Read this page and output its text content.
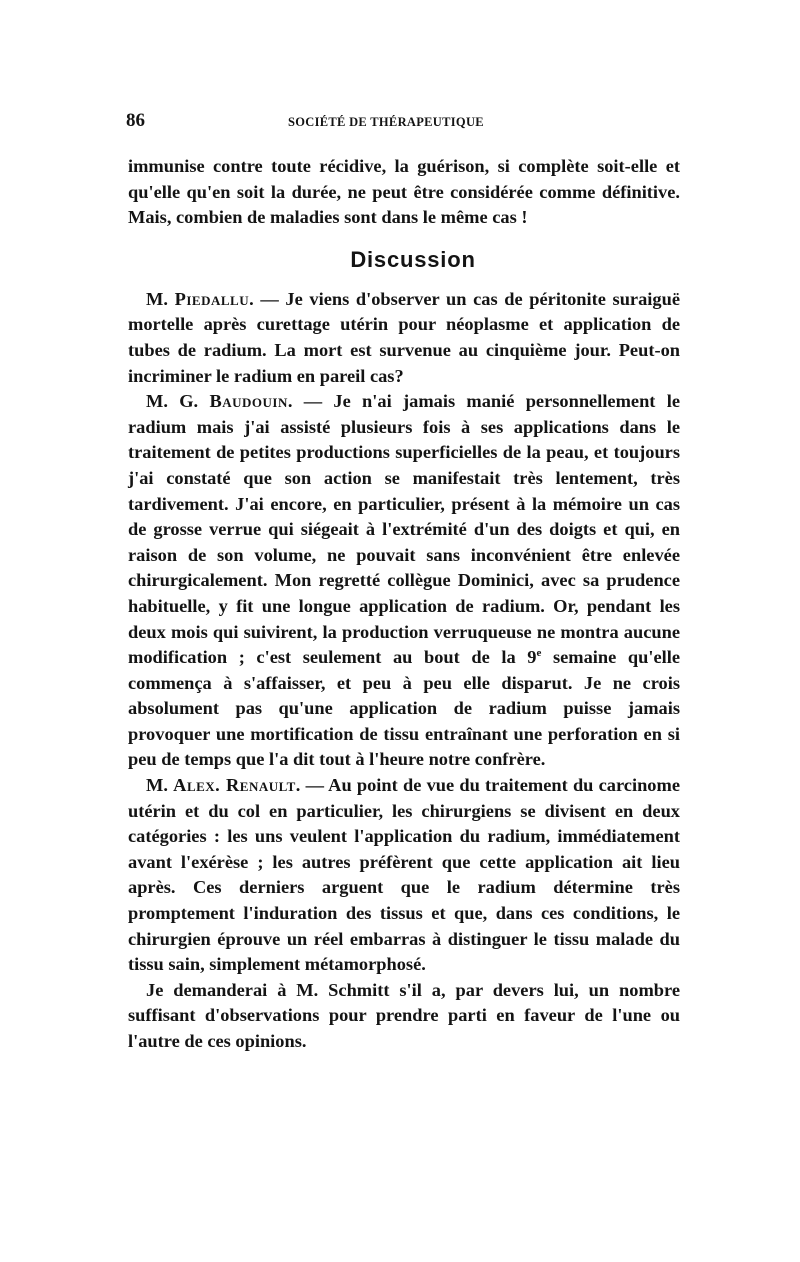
86	SOCIÉTÉ DE THÉRAPEUTIQUE

immunise contre toute récidive, la guérison, si complète soit-elle et qu'elle qu'en soit la durée, ne peut être considérée comme définitive. Mais, combien de maladies sont dans le même cas !

Discussion

M. Piedallu. — Je viens d'observer un cas de péritonite suraiguë mortelle après curettage utérin pour néoplasme et application de tubes de radium. La mort est survenue au cinquième jour. Peut-on incriminer le radium en pareil cas?

M. G. Baudouin. — Je n'ai jamais manié personnellement le radium mais j'ai assisté plusieurs fois à ses applications dans le traitement de petites productions superficielles de la peau, et toujours j'ai constaté que son action se manifestait très lentement, très tardivement. J'ai encore, en particulier, présent à la mémoire un cas de grosse verrue qui siégeait à l'extrémité d'un des doigts et qui, en raison de son volume, ne pouvait sans inconvénient être enlevée chirurgicalement. Mon regretté collègue Dominici, avec sa prudence habituelle, y fit une longue application de radium. Or, pendant les deux mois qui suivirent, la production verruqueuse ne montra aucune modification ; c'est seulement au bout de la 9e semaine qu'elle commença à s'affaisser, et peu à peu elle disparut. Je ne crois absolument pas qu'une application de radium puisse jamais provoquer une mortification de tissu entraînant une perforation en si peu de temps que l'a dit tout à l'heure notre confrère.

M. Alex. Renault. — Au point de vue du traitement du carcinome utérin et du col en particulier, les chirurgiens se divisent en deux catégories : les uns veulent l'application du radium, immédiatement avant l'exérèse ; les autres préfèrent que cette application ait lieu après. Ces derniers arguent que le radium détermine très promptement l'induration des tissus et que, dans ces conditions, le chirurgien éprouve un réel embarras à distinguer le tissu malade du tissu sain, simplement métamorphosé.

Je demanderai à M. Schmitt s'il a, par devers lui, un nombre suffisant d'observations pour prendre parti en faveur de l'une ou l'autre de ces opinions.
